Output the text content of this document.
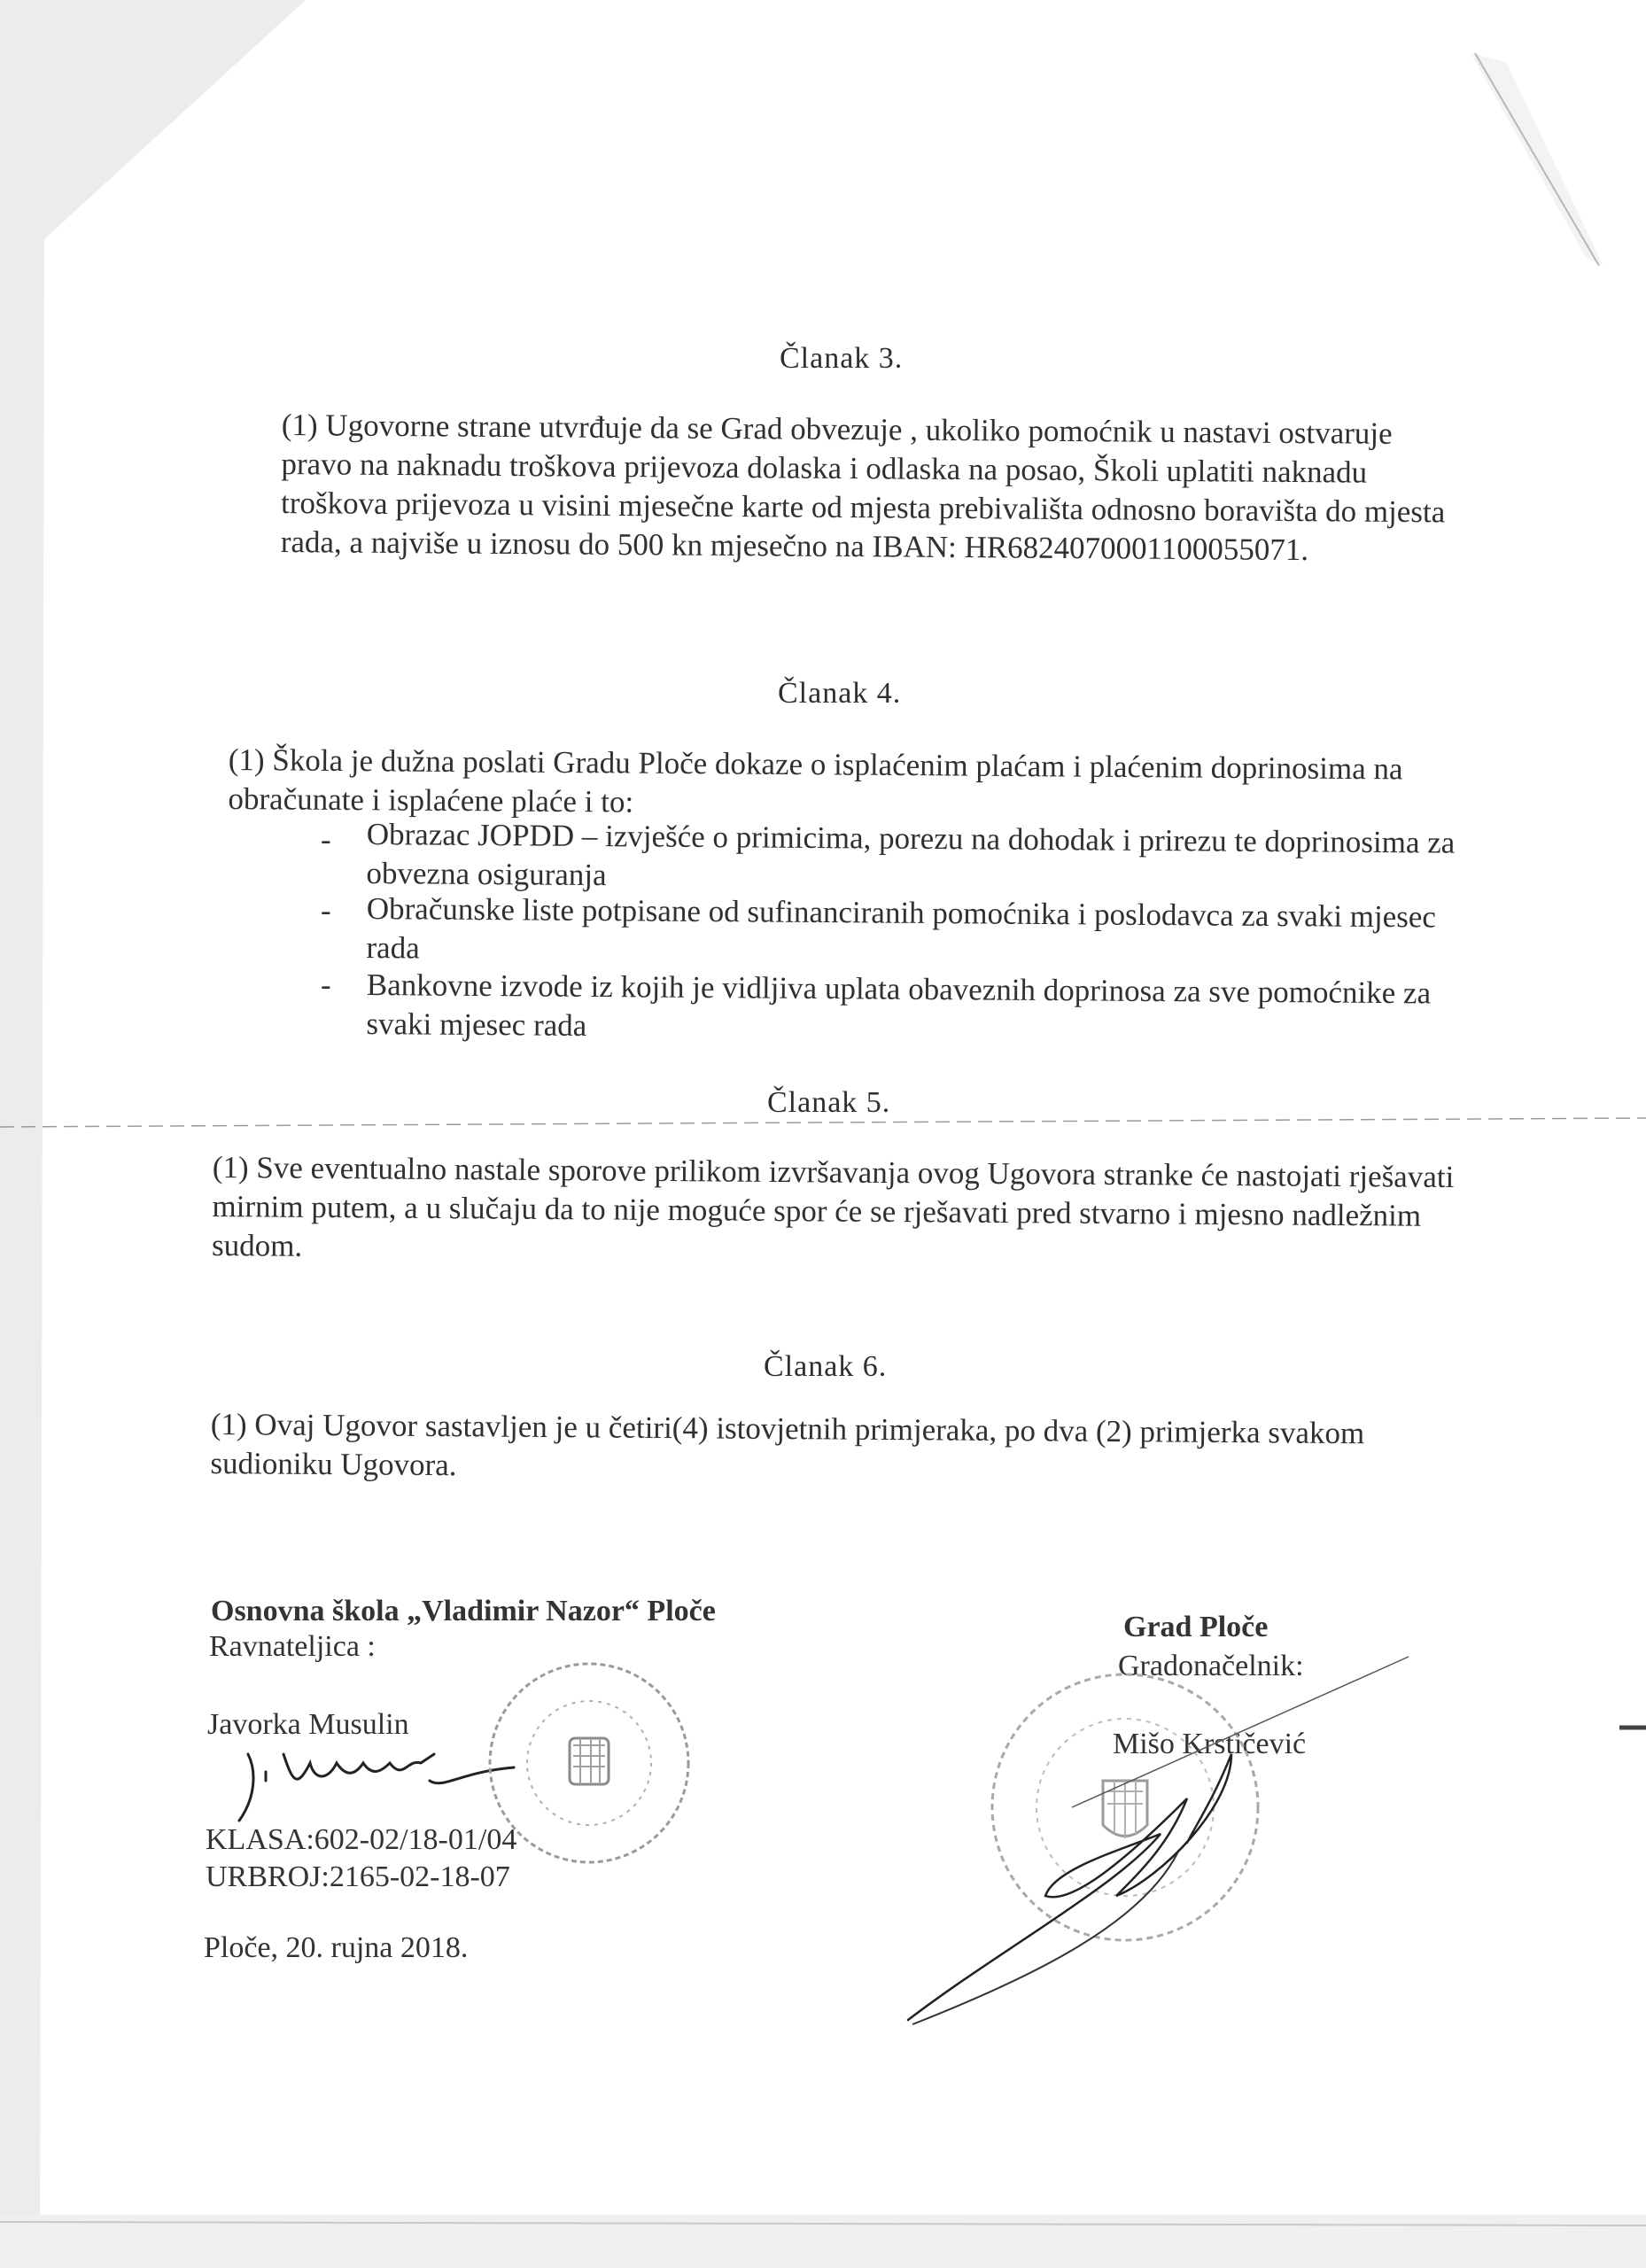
Članak 3.
(1) Ugovorne strane utvrđuje da se Grad obvezuje , ukoliko pomoćnik u nastavi ostvaruje pravo na naknadu troškova prijevoza dolaska i odlaska na posao, Školi uplatiti naknadu troškova prijevoza u visini mjesečne karte od mjesta prebivališta odnosno boravišta do mjesta rada, a najviše u iznosu do 500 kn mjesečno na IBAN: HR6824070001100055071.
Članak 4.
(1) Škola je dužna poslati Gradu Ploče dokaze o isplaćenim plaćam i plaćenim doprinosima na obračunate i isplaćene plaće i to:
- Obrazac JOPDD – izvješće o primicima, porezu na dohodak i prirezu te doprinosima za obvezna osiguranja
- Obračunske liste potpisane od sufinanciranih pomoćnika i poslodavca za svaki mjesec rada
- Bankovne izvode iz kojih je vidljiva uplata obaveznih doprinosa za sve pomoćnike za svaki mjesec rada
Članak 5.
(1) Sve eventualno nastale sporove prilikom izvršavanja ovog Ugovora stranke će nastojati rješavati mirnim putem, a u slučaju da to nije moguće spor će se rješavati pred stvarno i mjesno nadležnim sudom.
Članak 6.
(1) Ovaj Ugovor sastavljen je u četiri(4) istovjetnih primjeraka, po dva (2) primjerka svakom sudioniku Ugovora.
Osnovna škola „Vladimir Nazor“ Ploče
Ravnateljica :
Javorka Musulin
KLASA:602-02/18-01/04
URBROJ:2165-02-18-07
Ploče, 20. rujna 2018.
Grad Ploče
Gradonačelnik:
Mišo Krstičević
